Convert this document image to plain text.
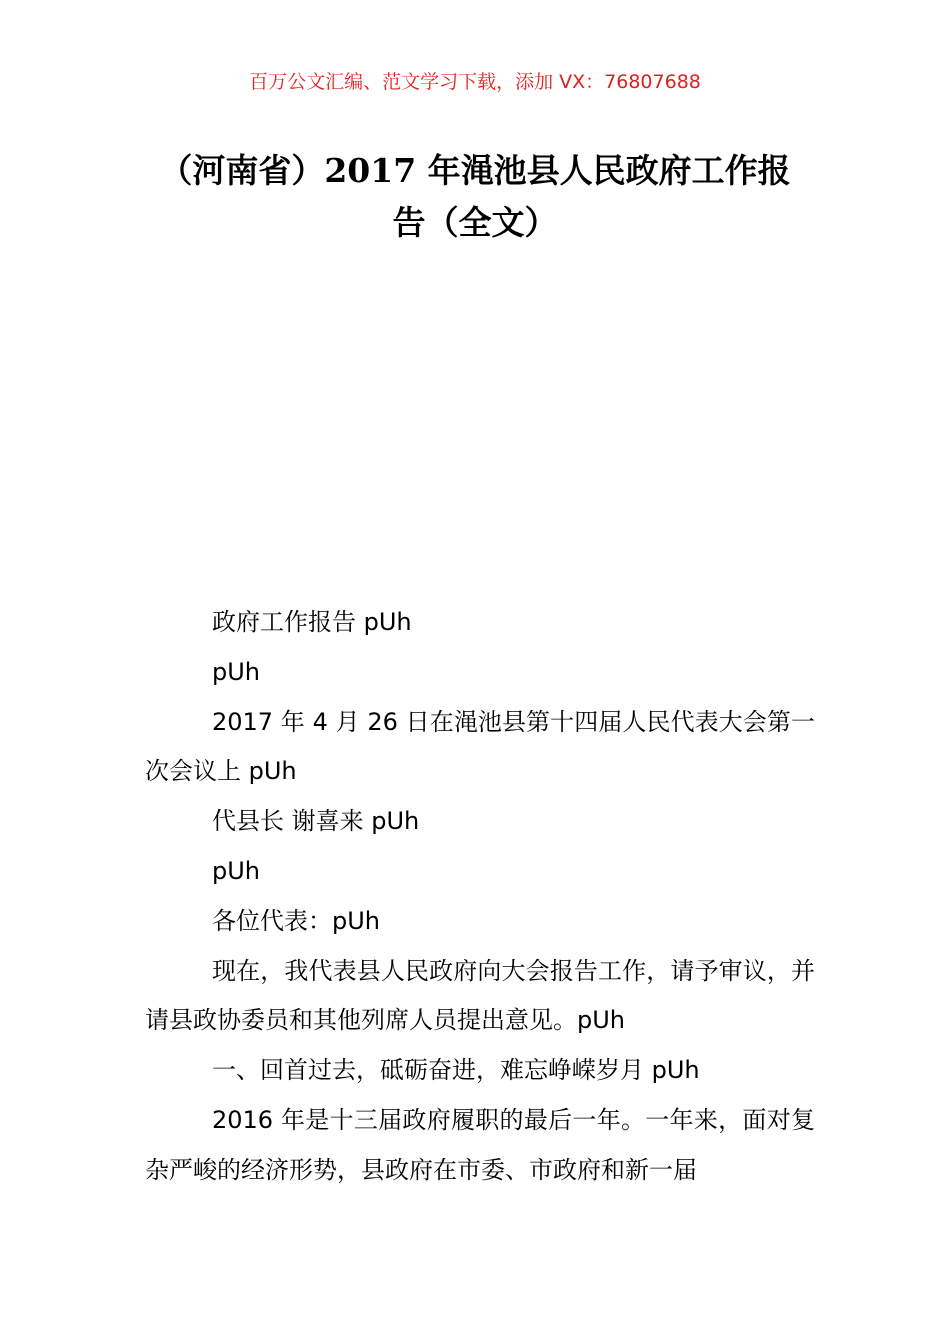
百万公文汇编、范文学习下载，添加 VX：76807688
（河南省）2017 年渑池县人民政府工作报
告（全文）

政府工作报告 pUh

pUh

2017 年 4 月 26 日在渑池县第十四届人民代表大会第一次会议上 pUh

代县长 谢喜来 pUh

pUh

各位代表：pUh

现在，我代表县人民政府向大会报告工作，请予审议，并请县政协委员和其他列席人员提出意见。pUh

一、回首过去，砥砺奋进，难忘峥嵘岁月 pUh

2016 年是十三届政府履职的最后一年。一年来，面对复杂严峻的经济形势，县政府在市委、市政府和新一届
